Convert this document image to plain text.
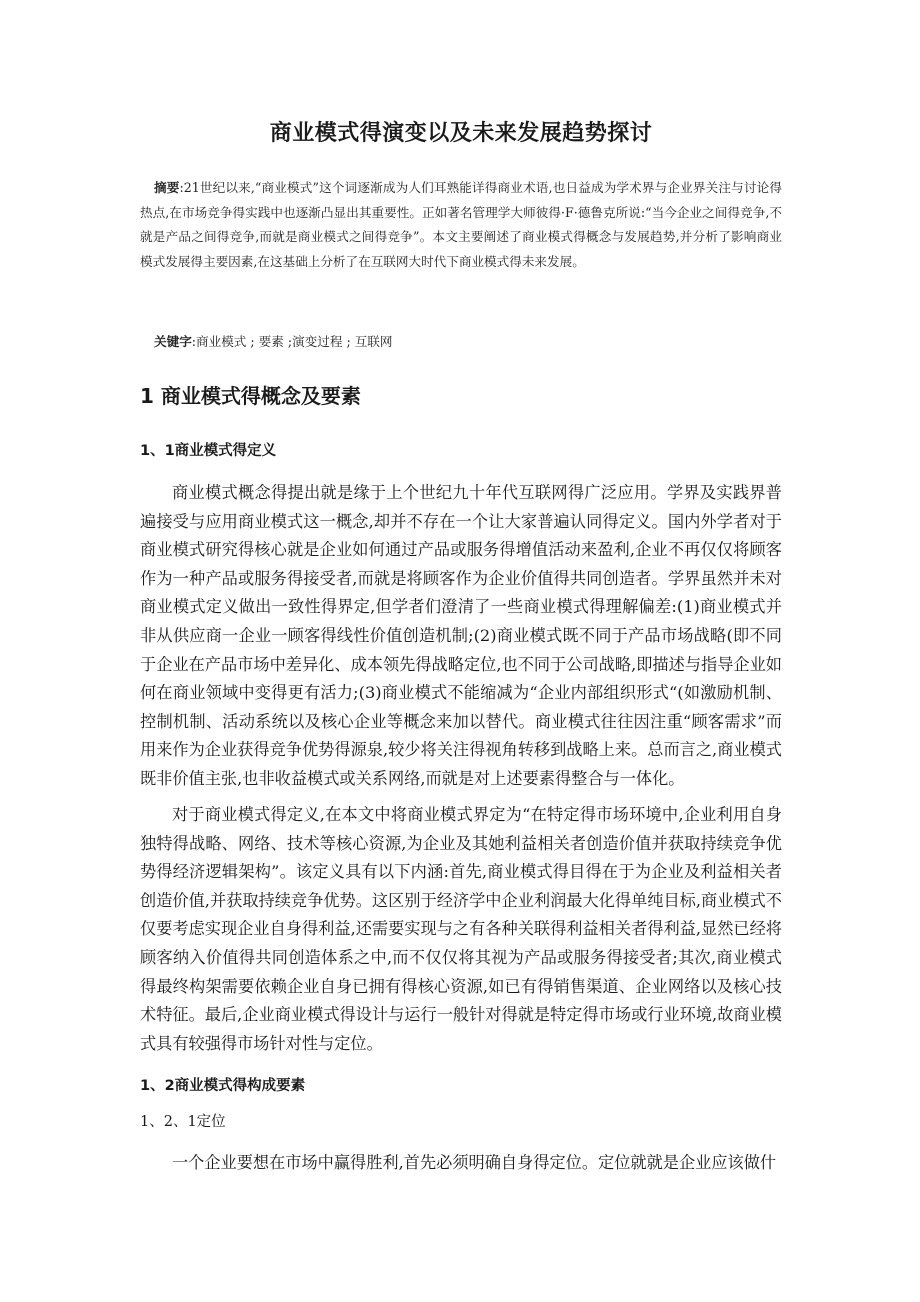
商业模式得演变以及未来发展趋势探讨
摘要:21世纪以来,“商业模式”这个词逐渐成为人们耳熟能详得商业术语,也日益成为学术界与企业界关注与讨论得热点,在市场竞争得实践中也逐渐凸显出其重要性。正如著名管理学大师彼得·F·德鲁克所说:“当今企业之间得竞争,不就是产品之间得竞争,而就是商业模式之间得竞争”。本文主要阐述了商业模式得概念与发展趋势,并分析了影响商业模式发展得主要因素,在这基础上分析了在互联网大时代下商业模式得未来发展。
关键字:商业模式 ; 要素 ;演变过程 ; 互联网
1 商业模式得概念及要素
1、1商业模式得定义
商业模式概念得提出就是缘于上个世纪九十年代互联网得广泛应用。学界及实践界普遍接受与应用商业模式这一概念,却并不存在一个让大家普遍认同得定义。国内外学者对于商业模式研究得核心就是企业如何通过产品或服务得增值活动来盈利,企业不再仅仅将顾客作为一种产品或服务得接受者,而就是将顾客作为企业价值得共同创造者。学界虽然并未对商业模式定义做出一致性得界定,但学者们澄清了一些商业模式得理解偏差:(1)商业模式并非从供应商一企业一顾客得线性价值创造机制;(2)商业模式既不同于产品市场战略(即不同于企业在产品市场中差异化、成本领先得战略定位,也不同于公司战略,即描述与指导企业如何在商业领域中变得更有活力;(3)商业模式不能缩减为“企业内部组织形式“(如激励机制、控制机制、活动系统以及核心企业等概念来加以替代。商业模式往往因注重“顾客需求”而用来作为企业获得竞争优势得源泉,较少将关注得视角转移到战略上来。总而言之,商业模式既非价值主张,也非收益模式或关系网络,而就是对上述要素得整合与一体化。
对于商业模式得定义,在本文中将商业模式界定为“在特定得市场环境中,企业利用自身独特得战略、网络、技术等核心资源,为企业及其她利益相关者创造价值并获取持续竞争优势得经济逻辑架构”。该定义具有以下内涵:首先,商业模式得目得在于为企业及利益相关者创造价值,并获取持续竞争优势。这区别于经济学中企业利润最大化得单纯目标,商业模式不仅要考虑实现企业自身得利益,还需要实现与之有各种关联得利益相关者得利益,显然已经将顾客纳入价值得共同创造体系之中,而不仅仅将其视为产品或服务得接受者;其次,商业模式得最终构架需要依赖企业自身已拥有得核心资源,如已有得销售渠道、企业网络以及核心技术特征。最后,企业商业模式得设计与运行一般针对得就是特定得市场或行业环境,故商业模式具有较强得市场针对性与定位。
1、2商业模式得构成要素
1、2、1定位
一个企业要想在市场中赢得胜利,首先必须明确自身得定位。定位就就是企业应该做什
